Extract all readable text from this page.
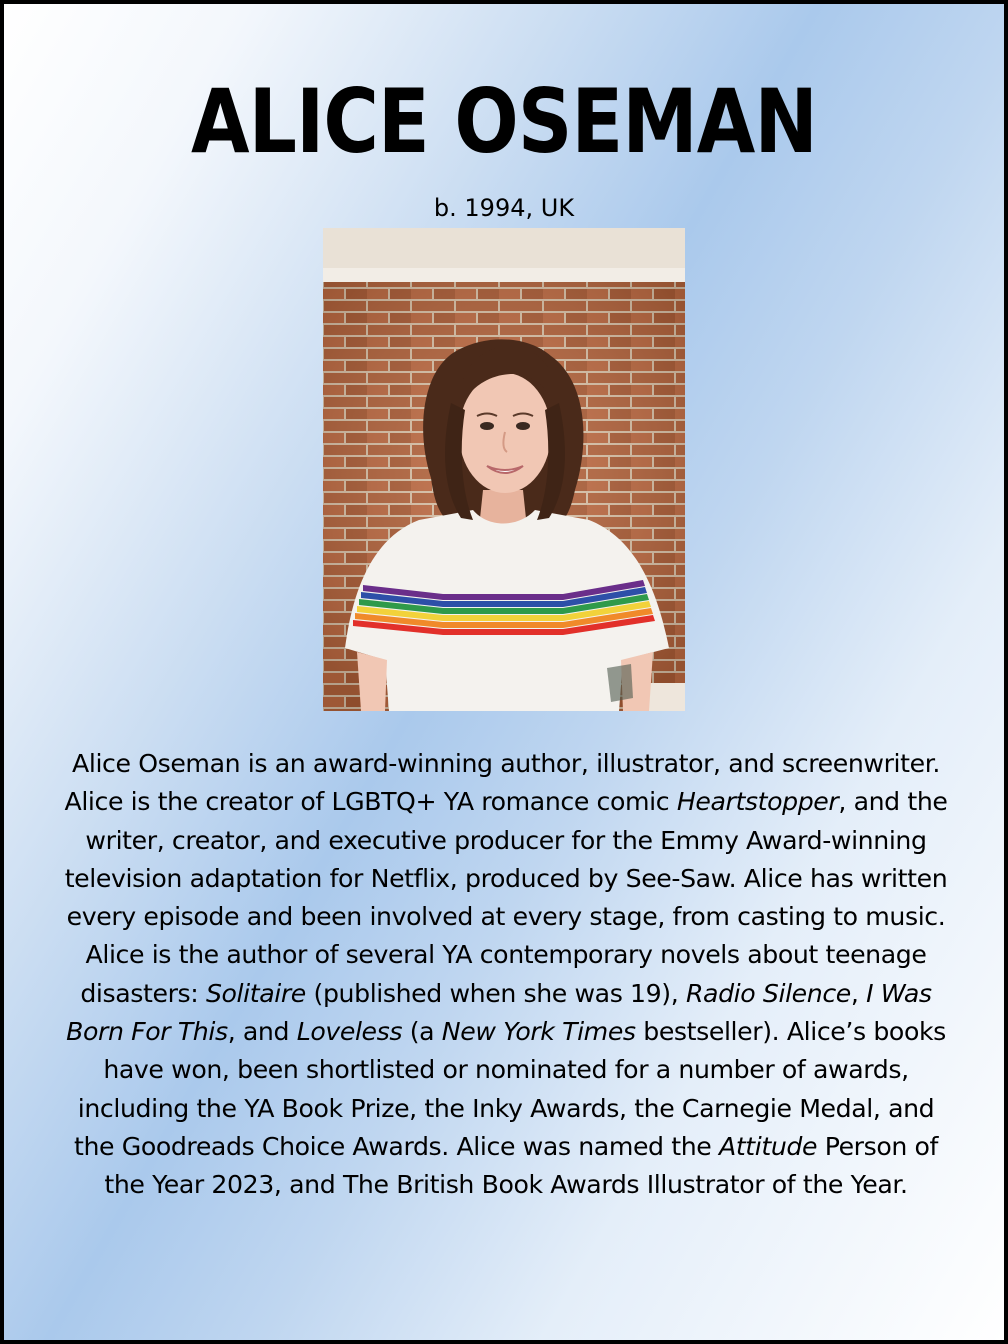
ALICE OSEMAN
b. 1994, UK
Alice Oseman is an award-winning author, illustrator, and screenwriter. Alice is the creator of LGBTQ+ YA romance comic Heartstopper, and the writer, creator, and executive producer for the Emmy Award-winning television adaptation for Netflix, produced by See-Saw. Alice has written every episode and been involved at every stage, from casting to music. Alice is the author of several YA contemporary novels about teenage disasters: Solitaire (published when she was 19), Radio Silence, I Was Born For This, and Loveless (a New York Times bestseller). Alice’s books have won, been shortlisted or nominated for a number of awards, including the YA Book Prize, the Inky Awards, the Carnegie Medal, and the Goodreads Choice Awards. Alice was named the Attitude Person of the Year 2023, and The British Book Awards Illustrator of the Year.
